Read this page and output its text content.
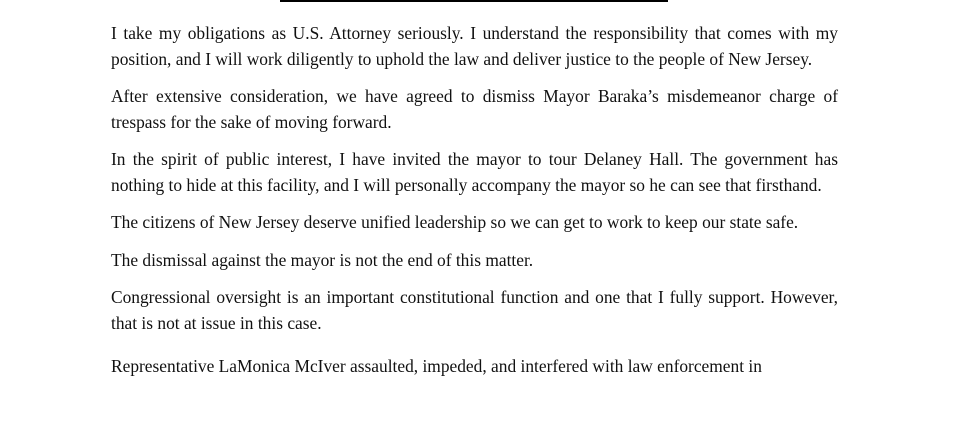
I take my obligations as U.S. Attorney seriously. I understand the responsibility that comes with my position, and I will work diligently to uphold the law and deliver justice to the people of New Jersey.

After extensive consideration, we have agreed to dismiss Mayor Baraka’s misdemeanor charge of trespass for the sake of moving forward.

In the spirit of public interest, I have invited the mayor to tour Delaney Hall. The government has nothing to hide at this facility, and I will personally accompany the mayor so he can see that firsthand.

The citizens of New Jersey deserve unified leadership so we can get to work to keep our state safe.

The dismissal against the mayor is not the end of this matter.

Congressional oversight is an important constitutional function and one that I fully support. However, that is not at issue in this case.

Representative LaMonica McIver assaulted, impeded, and interfered with law enforcement in
